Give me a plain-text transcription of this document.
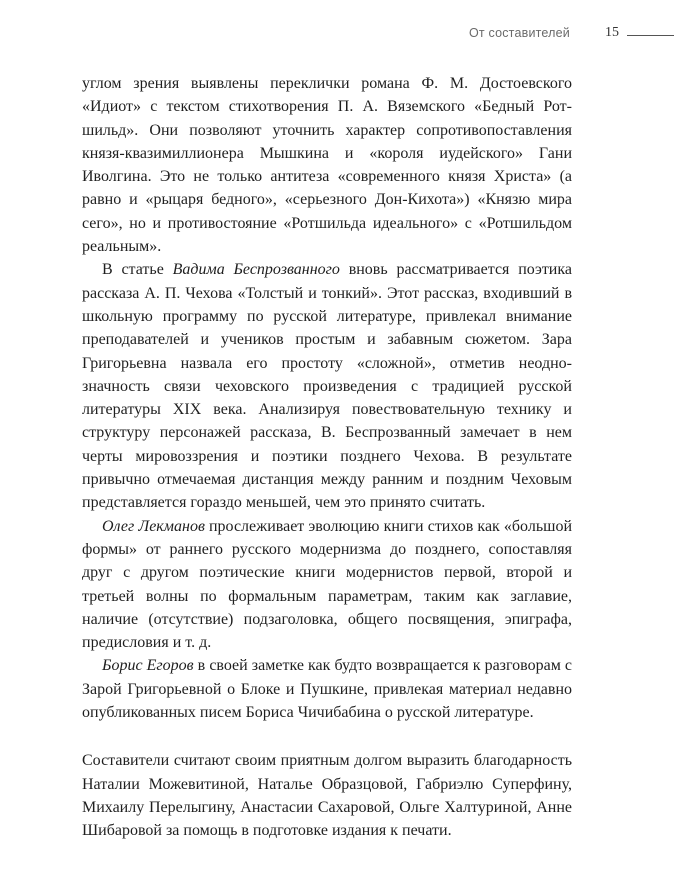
От составителей	15

углом зрения выявлены переклички романа Ф. М. Достоевского «Идиот» с текстом стихотворения П. А. Вяземского «Бедный Ротшильд». Они позволяют уточнить характер сопротивопоставления князя-квазимиллионера Мышкина и «короля иудейского» Гани Иволгина. Это не только антитеза «современного князя Христа» (а равно и «рыцаря бедного», «серьезного Дон-Кихота») «Князю мира сего», но и противостояние «Ротшильда идеального» с «Ротшильдом реальным».

В статье Вадима Беспрозванного вновь рассматривается поэтика рассказа А. П. Чехова «Толстый и тонкий». Этот рассказ, входивший в школьную программу по русской литературе, привлекал внимание преподавателей и учеников простым и забавным сюжетом. Зара Григорьевна назвала его простоту «сложной», отметив неоднозначность связи чеховского произведения с традицией русской литературы XIX века. Анализируя повествовательную технику и структуру персонажей рассказа, В. Беспрозванный замечает в нем черты мировоззрения и поэтики позднего Чехова. В результате привычно отмечаемая дистанция между ранним и поздним Чеховым представляется гораздо меньшей, чем это принято считать.

Олег Лекманов прослеживает эволюцию книги стихов как «большой формы» от раннего русского модернизма до позднего, сопоставляя друг с другом поэтические книги модернистов первой, второй и третьей волны по формальным параметрам, таким как заглавие, наличие (отсутствие) подзаголовка, общего посвящения, эпиграфа, предисловия и т. д.

Борис Егоров в своей заметке как будто возвращается к разговорам с Зарой Григорьевной о Блоке и Пушкине, привлекая материал недавно опубликованных писем Бориса Чичибабина о русской литературе.

Составители считают своим приятным долгом выразить благодарность Наталии Можевитиной, Наталье Образцовой, Габриэлю Суперфину, Михаилу Перелыгину, Анастасии Сахаровой, Ольге Халтуриной, Анне Шибаровой за помощь в подготовке издания к печати.
